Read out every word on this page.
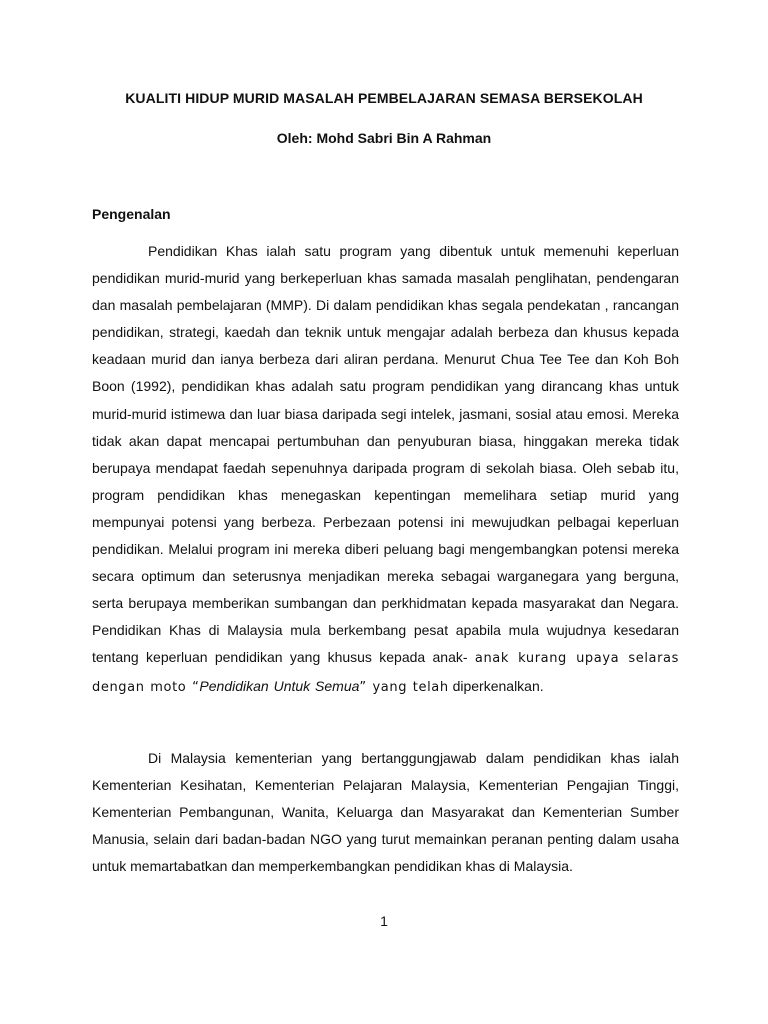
KUALITI HIDUP MURID MASALAH PEMBELAJARAN SEMASA BERSEKOLAH
Oleh: Mohd Sabri Bin A Rahman
Pengenalan

Pendidikan Khas ialah satu program yang dibentuk untuk memenuhi keperluan pendidikan murid-murid yang berkeperluan khas samada masalah penglihatan, pendengaran dan masalah pembelajaran (MMP). Di dalam pendidikan khas segala pendekatan , rancangan pendidikan, strategi, kaedah dan teknik untuk mengajar adalah berbeza dan khusus kepada keadaan murid dan ianya berbeza dari aliran perdana. Menurut Chua Tee Tee dan Koh Boh Boon (1992), pendidikan khas adalah satu program pendidikan yang dirancang khas untuk murid-murid istimewa dan luar biasa daripada segi intelek, jasmani, sosial atau emosi. Mereka tidak akan dapat mencapai pertumbuhan dan penyuburan biasa, hinggakan mereka tidak berupaya mendapat faedah sepenuhnya daripada program di sekolah biasa. Oleh sebab itu, program pendidikan khas menegaskan kepentingan memelihara setiap murid yang mempunyai potensi yang berbeza. Perbezaan potensi ini mewujudkan pelbagai keperluan pendidikan. Melalui program ini mereka diberi peluang bagi mengembangkan potensi mereka secara optimum dan seterusnya menjadikan mereka sebagai warganegara yang berguna, serta berupaya memberikan sumbangan dan perkhidmatan kepada masyarakat dan Negara. Pendidikan Khas di Malaysia mula berkembang pesat apabila mula wujudnya kesedaran tentang keperluan pendidikan yang khusus kepada anak- anak kurang upaya selaras dengan moto “Pendidikan Untuk Semua” yang telah diperkenalkan.

Di Malaysia kementerian yang bertanggungjawab dalam pendidikan khas ialah Kementerian Kesihatan, Kementerian Pelajaran Malaysia, Kementerian Pengajian Tinggi, Kementerian Pembangunan, Wanita, Keluarga dan Masyarakat dan Kementerian Sumber Manusia, selain dari badan-badan NGO yang turut memainkan peranan penting dalam usaha untuk memartabatkan dan memperkembangkan pendidikan khas di Malaysia.

1
